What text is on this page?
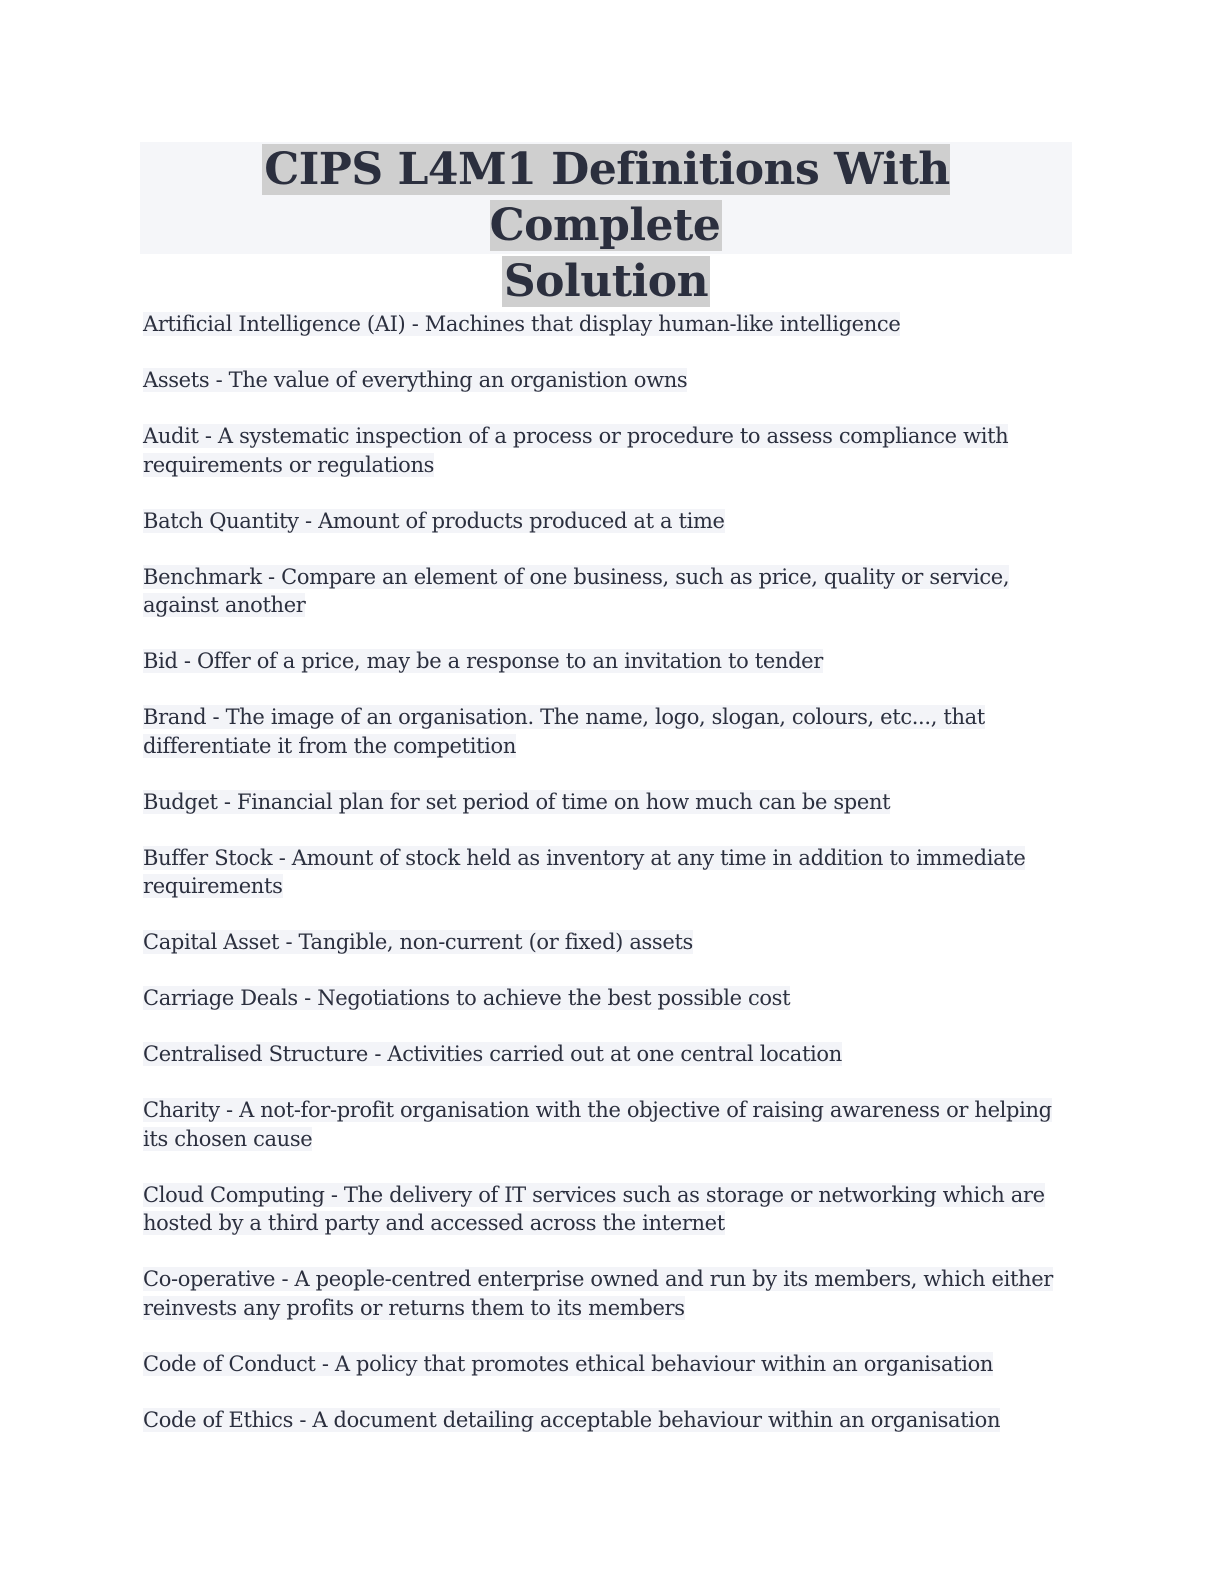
CIPS L4M1 Definitions With Complete
Solution

Artificial Intelligence (AI) - Machines that display human-like intelligence

Assets - The value of everything an organistion owns

Audit - A systematic inspection of a process or procedure to assess compliance with requirements or regulations

Batch Quantity - Amount of products produced at a time

Benchmark - Compare an element of one business, such as price, quality or service, against another

Bid - Offer of a price, may be a response to an invitation to tender

Brand - The image of an organisation. The name, logo, slogan, colours, etc..., that differentiate it from the competition

Budget - Financial plan for set period of time on how much can be spent

Buffer Stock - Amount of stock held as inventory at any time in addition to immediate requirements

Capital Asset - Tangible, non-current (or fixed) assets

Carriage Deals - Negotiations to achieve the best possible cost

Centralised Structure - Activities carried out at one central location

Charity - A not-for-profit organisation with the objective of raising awareness or helping its chosen cause

Cloud Computing - The delivery of IT services such as storage or networking which are hosted by a third party and accessed across the internet

Co-operative - A people-centred enterprise owned and run by its members, which either reinvests any profits or returns them to its members

Code of Conduct - A policy that promotes ethical behaviour within an organisation

Code of Ethics - A document detailing acceptable behaviour within an organisation
